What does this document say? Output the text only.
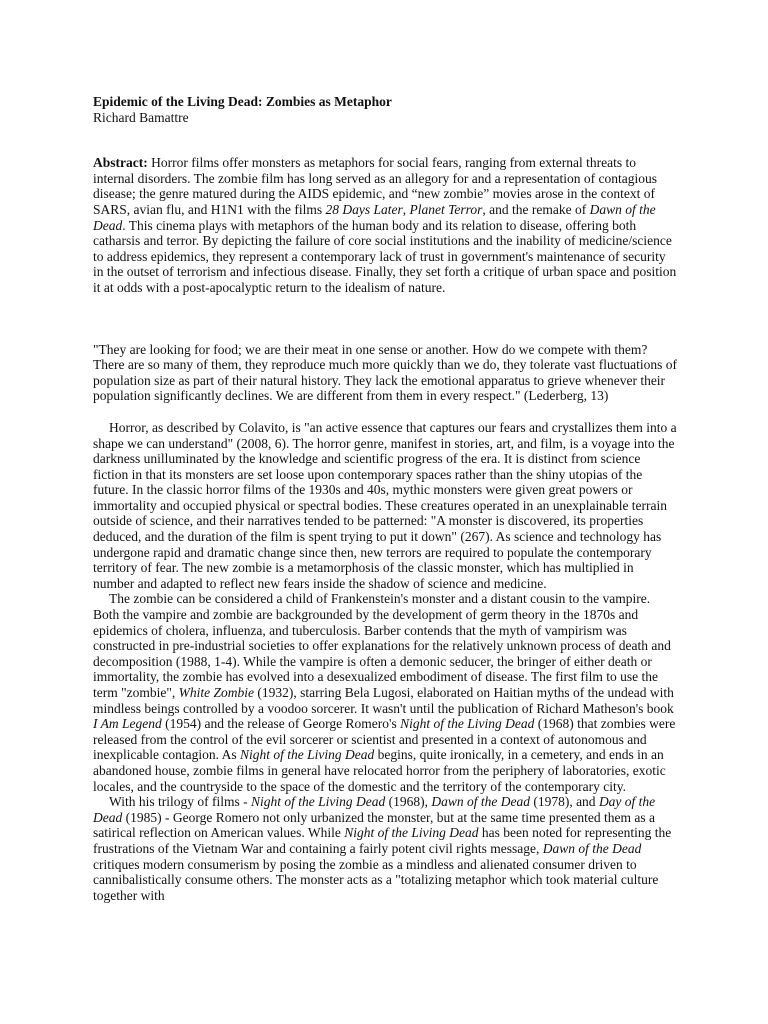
Epidemic of the Living Dead: Zombies as Metaphor

Richard Bamattre

Abstract: Horror films offer monsters as metaphors for social fears, ranging from external threats to internal disorders. The zombie film has long served as an allegory for and a representation of contagious disease; the genre matured during the AIDS epidemic, and “new zombie” movies arose in the context of SARS, avian flu, and H1N1 with the films 28 Days Later, Planet Terror, and the remake of Dawn of the Dead. This cinema plays with metaphors of the human body and its relation to disease, offering both catharsis and terror. By depicting the failure of core social institutions and the inability of medicine/science to address epidemics, they represent a contemporary lack of trust in government's maintenance of security in the outset of terrorism and infectious disease. Finally, they set forth a critique of urban space and position it at odds with a post-apocalyptic return to the idealism of nature.

"They are looking for food; we are their meat in one sense or another. How do we compete with them? There are so many of them, they reproduce much more quickly than we do, they tolerate vast fluctuations of population size as part of their natural history. They lack the emotional apparatus to grieve whenever their population significantly declines. We are different from them in every respect." (Lederberg, 13)

Horror, as described by Colavito, is "an active essence that captures our fears and crystallizes them into a shape we can understand" (2008, 6). The horror genre, manifest in stories, art, and film, is a voyage into the darkness unilluminated by the knowledge and scientific progress of the era. It is distinct from science fiction in that its monsters are set loose upon contemporary spaces rather than the shiny utopias of the future. In the classic horror films of the 1930s and 40s, mythic monsters were given great powers or immortality and occupied physical or spectral bodies. These creatures operated in an unexplainable terrain outside of science, and their narratives tended to be patterned: "A monster is discovered, its properties deduced, and the duration of the film is spent trying to put it down" (267). As science and technology has undergone rapid and dramatic change since then, new terrors are required to populate the contemporary territory of fear. The new zombie is a metamorphosis of the classic monster, which has multiplied in number and adapted to reflect new fears inside the shadow of science and medicine.

The zombie can be considered a child of Frankenstein's monster and a distant cousin to the vampire. Both the vampire and zombie are backgrounded by the development of germ theory in the 1870s and epidemics of cholera, influenza, and tuberculosis. Barber contends that the myth of vampirism was constructed in pre-industrial societies to offer explanations for the relatively unknown process of death and decomposition (1988, 1-4). While the vampire is often a demonic seducer, the bringer of either death or immortality, the zombie has evolved into a desexualized embodiment of disease. The first film to use the term "zombie", White Zombie (1932), starring Bela Lugosi, elaborated on Haitian myths of the undead with mindless beings controlled by a voodoo sorcerer. It wasn't until the publication of Richard Matheson's book I Am Legend (1954) and the release of George Romero's Night of the Living Dead (1968) that zombies were released from the control of the evil sorcerer or scientist and presented in a context of autonomous and inexplicable contagion. As Night of the Living Dead begins, quite ironically, in a cemetery, and ends in an abandoned house, zombie films in general have relocated horror from the periphery of laboratories, exotic locales, and the countryside to the space of the domestic and the territory of the contemporary city.

With his trilogy of films - Night of the Living Dead (1968), Dawn of the Dead (1978), and Day of the Dead (1985) - George Romero not only urbanized the monster, but at the same time presented them as a satirical reflection on American values. While Night of the Living Dead has been noted for representing the frustrations of the Vietnam War and containing a fairly potent civil rights message, Dawn of the Dead critiques modern consumerism by posing the zombie as a mindless and alienated consumer driven to cannibalistically consume others. The monster acts as a "totalizing metaphor which took material culture together with
